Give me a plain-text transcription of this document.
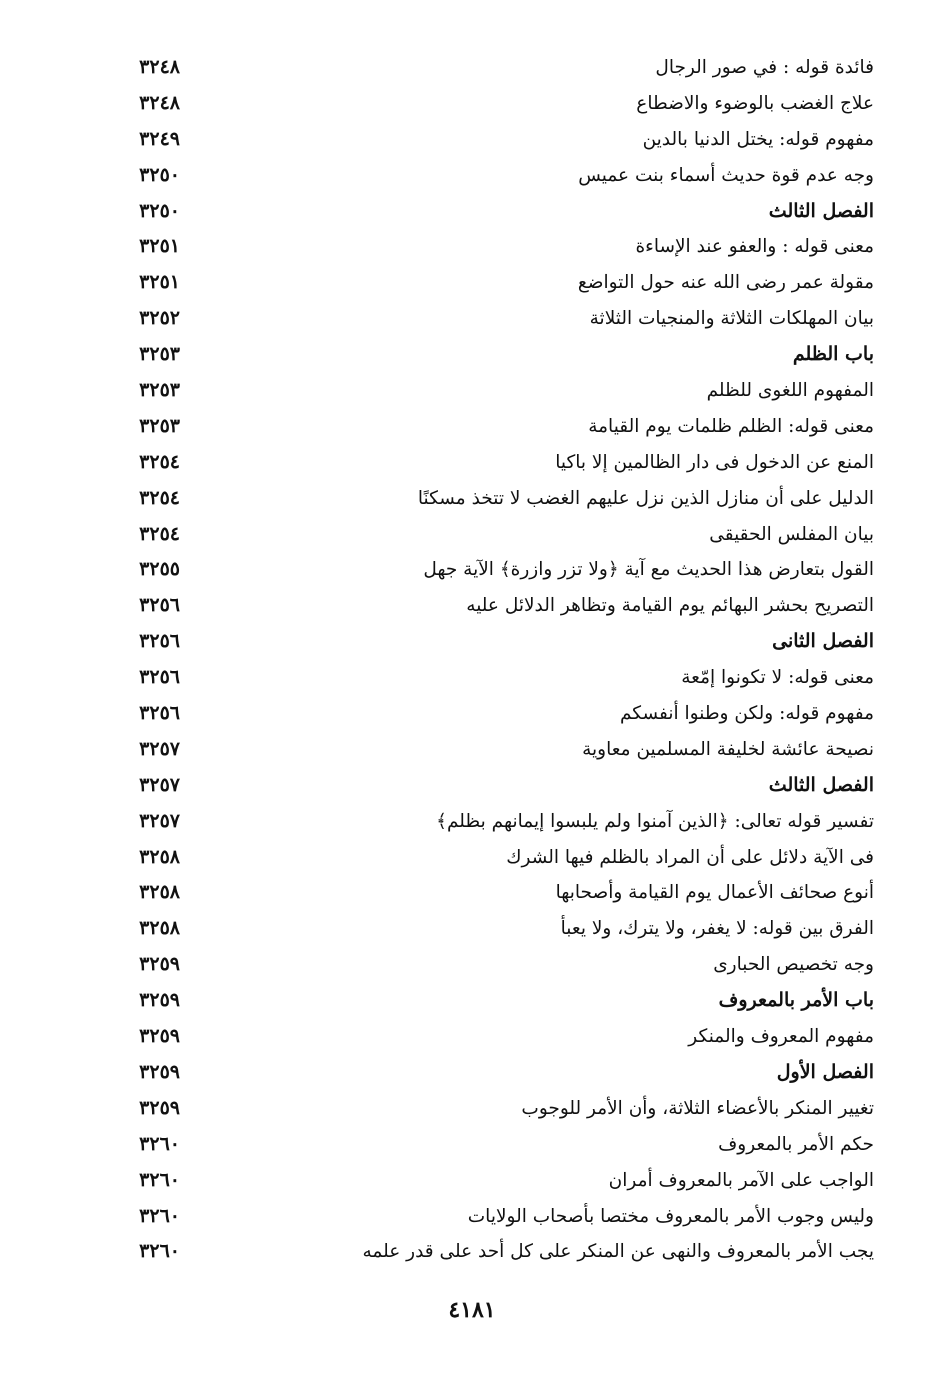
فائدة قوله : في صور الرجال
٣٢٤٨
علاج الغضب بالوضوء والاضطاع
٣٢٤٨
مفهوم قوله: يختل الدنيا بالدين
٣٢٤٩
وجه عدم قوة حديث أسماء بنت عميس
٣٢٥٠
الفصل الثالث
٣٢٥٠
معنى قوله : والعفو عند الإساءة
٣٢٥١
مقولة عمر رضى الله عنه حول التواضع
٣٢٥١
بيان المهلكات الثلاثة والمنجيات الثلاثة
٣٢٥٢
باب الظلم
٣٢٥٣
المفهوم اللغوى للظلم
٣٢٥٣
معنى قوله: الظلم ظلمات يوم القيامة
٣٢٥٣
المنع عن الدخول فى دار الظالمين إلا باكيا
٣٢٥٤
الدليل على أن منازل الذين نزل عليهم الغضب لا تتخذ مسكنًا
٣٢٥٤
بيان المفلس الحقيقى
٣٢٥٤
القول بتعارض هذا الحديث مع آية ﴿ولا تزر وازرة﴾ الآية جهل
٣٢٥٥
التصريح بحشر البهائم يوم القيامة وتظاهر الدلائل عليه
٣٢٥٦
الفصل الثانى
٣٢٥٦
معنى قوله: لا تكونوا إمّعة
٣٢٥٦
مفهوم قوله: ولكن وطنوا أنفسكم
٣٢٥٦
نصيحة عائشة لخليفة المسلمين معاوية
٣٢٥٧
الفصل الثالث
٣٢٥٧
تفسير قوله تعالى: ﴿الذين آمنوا ولم يلبسوا إيمانهم بظلم﴾
٣٢٥٧
فى الآية دلائل على أن المراد بالظلم فيها الشرك
٣٢٥٨
أنوع صحائف الأعمال يوم القيامة وأصحابها
٣٢٥٨
الفرق بين قوله: لا يغفر، ولا يترك، ولا يعبأ
٣٢٥٨
وجه تخصيص الحبارى
٣٢٥٩
باب الأمر بالمعروف
٣٢٥٩
مفهوم المعروف والمنكر
٣٢٥٩
الفصل الأول
٣٢٥٩
تغيير المنكر بالأعضاء الثلاثة، وأن الأمر للوجوب
٣٢٥٩
حكم الأمر بالمعروف
٣٢٦٠
الواجب على الآمر بالمعروف أمران
٣٢٦٠
وليس وجوب الأمر بالمعروف مختصا بأصحاب الولايات
٣٢٦٠
يجب الأمر بالمعروف والنهى عن المنكر على كل أحد على قدر علمه
٣٢٦٠
٤١٨١
